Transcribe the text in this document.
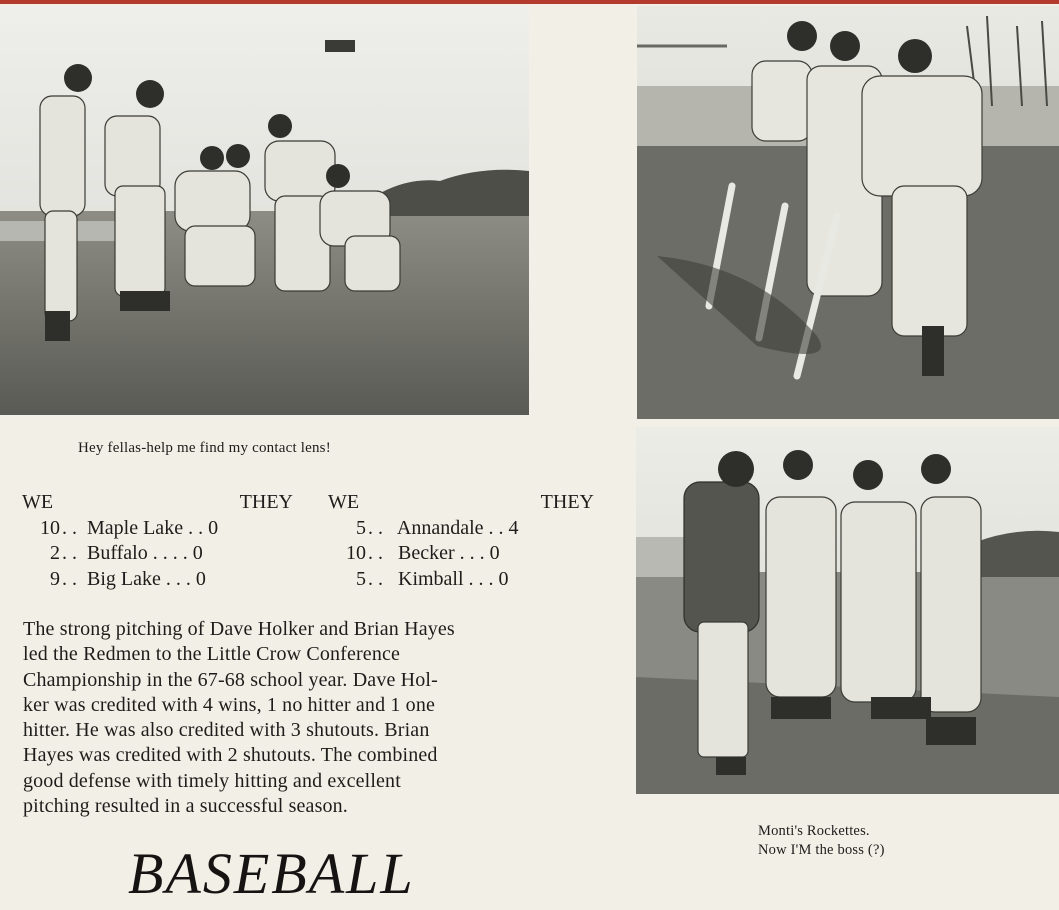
Hey fellas-help me find my contact lens!
WE	THEY
10 . .  Maple Lake . . 0
2 . .  Buffalo . . . . 0
9 . .  Big Lake . . . 0
WE	THEY
5 . .   Annandale . . 4
10 . .   Becker . . . 0
5 . .   Kimball . . . 0
The strong pitching of Dave Holker and Brian Hayes
led the Redmen to the Little Crow Conference
Championship in the 67-68 school year. Dave Hol-
ker was credited with 4 wins, 1 no hitter and 1 one
hitter. He was also credited with 3 shutouts. Brian
Hayes was credited with 2 shutouts. The combined
good defense with timely hitting and excellent
pitching resulted in a successful season.
Monti's Rockettes.
Now I'M the boss (?)
BASEBALL
